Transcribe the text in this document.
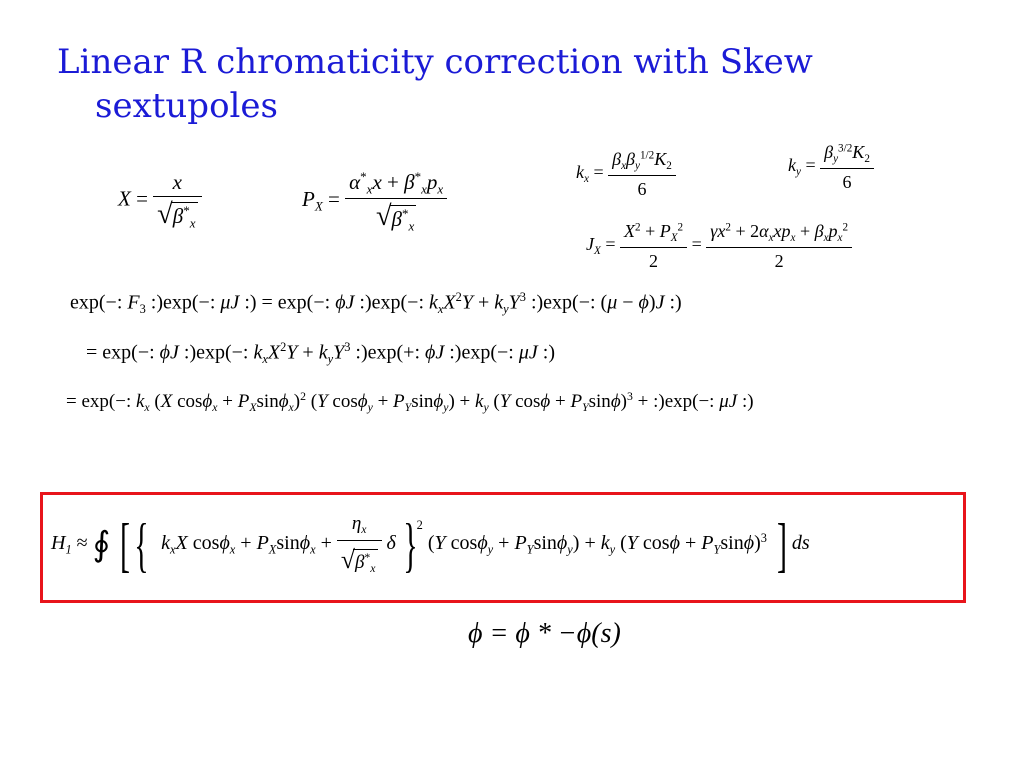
Linear R chromaticity correction with Skew
sextupoles
$X = \frac{x}{√\beta^*_x}$	$P_X = \frac{\alpha^*_xx + \beta^*_xp_x}{√\beta^*_x}$	$k_x = \frac{\beta_x\beta_y^{1/2}K_2}{6}$	$k_y = \frac{\beta_y^{3/2}K_2}{6}$
$J_X = \frac{X^2 + P_X^2}{2} = \frac{\gamma x^2 + 2\alpha_xxp_x + \beta_xp_x^2}{2}$
exp(−: $F_3$ :)exp(−: μJ :) = exp(−: ϕJ :)exp(−: $k_xX^2Y + k_yY^3$ :)exp(−: (μ − ϕ)J :)
= exp(−: ϕJ :)exp(−: $k_xX^2Y + k_yY^3$ :)exp(+: ϕJ :)exp(−: μJ :)
= exp(−: $k_x$ (X $\cos\phi_x + P_X\sin\phi_x)^2$ (Y $\cos\phi_y + P_Y\sin\phi_y) + k_y$ (Y $\cos\phi + P_Y\sin\phi)^3$ + :)exp(−: μJ :)
$H_1$ ≈ ∮ [{ $k_xX$ $\cos\phi_x + P_X\sin\phi_x + \frac{\eta_x}{√\beta^*_x}$ δ }$^2$ (Y $\cos\phi_y + P_Y\sin\phi_y) + k_y$ (Y $\cos\phi + P_Y\sin\phi)^3$ ] ds
ϕ = ϕ * −ϕ(s)
